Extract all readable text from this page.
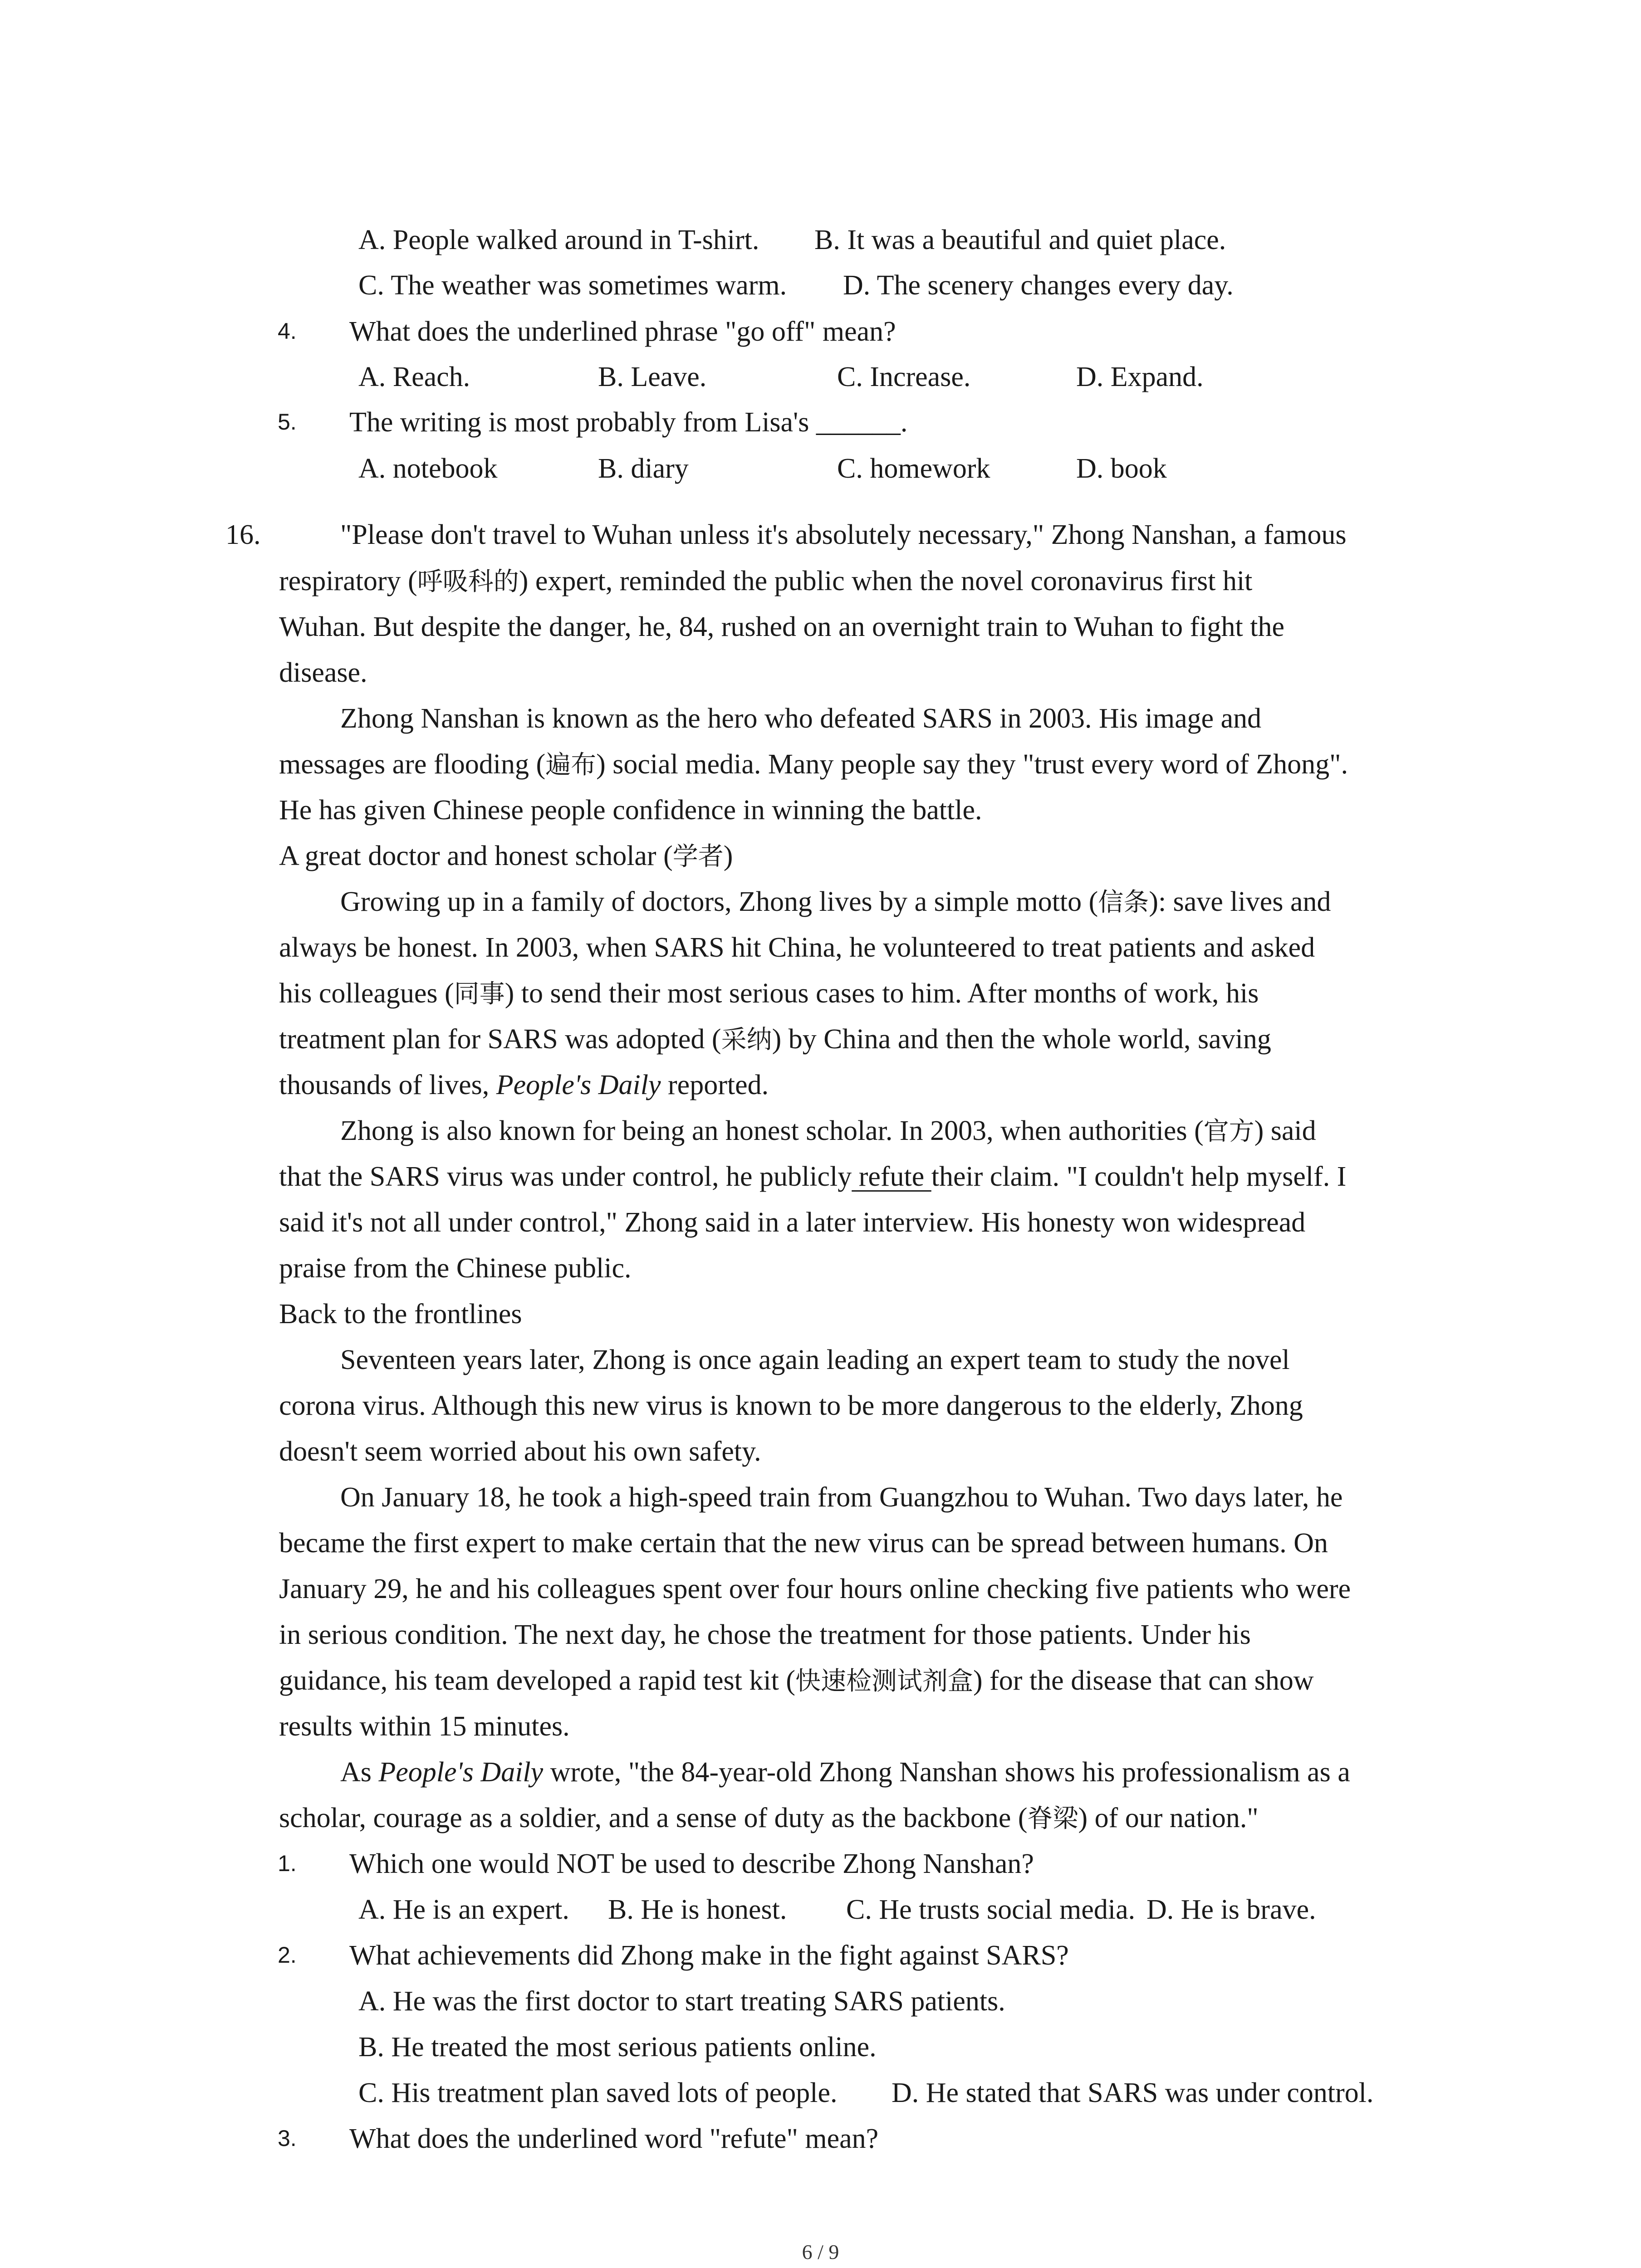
A. People walked around in T-shirt. B. It was a beautiful and quiet place.
C. The weather was sometimes warm. D. The scenery changes every day.
4. What does the underlined phrase "go off" mean?
A. Reach.	B. Leave.	C. Increase.	D. Expand.
5. The writing is most probably from Lisa's ______.
A. notebook	B. diary	C. homework	D. book
16.	"Please don't travel to Wuhan unless it's absolutely necessary," Zhong Nanshan, a famous
respiratory (呼吸科的) expert, reminded the public when the novel coronavirus first hit
Wuhan. But despite the danger, he, 84, rushed on an overnight train to Wuhan to fight the
disease.
Zhong Nanshan is known as the hero who defeated SARS in 2003. His image and
messages are flooding (遍布) social media. Many people say they "trust every word of Zhong".
He has given Chinese people confidence in winning the battle.
A great doctor and honest scholar (学者)
Growing up in a family of doctors, Zhong lives by a simple motto (信条): save lives and
always be honest. In 2003, when SARS hit China, he volunteered to treat patients and asked
his colleagues (同事) to send their most serious cases to him. After months of work, his
treatment plan for SARS was adopted (采纳) by China and then the whole world, saving
thousands of lives, People's Daily reported.
Zhong is also known for being an honest scholar. In 2003, when authorities (官方) said
that the SARS virus was under control, he publicly refute their claim. "I couldn't help myself. I
said it's not all under control," Zhong said in a later interview. His honesty won widespread
praise from the Chinese public.
Back to the frontlines
Seventeen years later, Zhong is once again leading an expert team to study the novel
corona virus. Although this new virus is known to be more dangerous to the elderly, Zhong
doesn't seem worried about his own safety.
On January 18, he took a high-speed train from Guangzhou to Wuhan. Two days later, he
became the first expert to make certain that the new virus can be spread between humans. On
January 29, he and his colleagues spent over four hours online checking five patients who were
in serious condition. The next day, he chose the treatment for those patients. Under his
guidance, his team developed a rapid test kit (快速检测试剂盒) for the disease that can show
results within 15 minutes.
As People's Daily wrote, "the 84-year-old Zhong Nanshan shows his professionalism as a
scholar, courage as a soldier, and a sense of duty as the backbone (脊梁) of our nation."
1. Which one would NOT be used to describe Zhong Nanshan?
A. He is an expert. B. He is honest. C. He trusts social media. D. He is brave.
2. What achievements did Zhong make in the fight against SARS?
A. He was the first doctor to start treating SARS patients.
B. He treated the most serious patients online.
C. His treatment plan saved lots of people. D. He stated that SARS was under control.
3. What does the underlined word "refute" mean?
6 / 9
